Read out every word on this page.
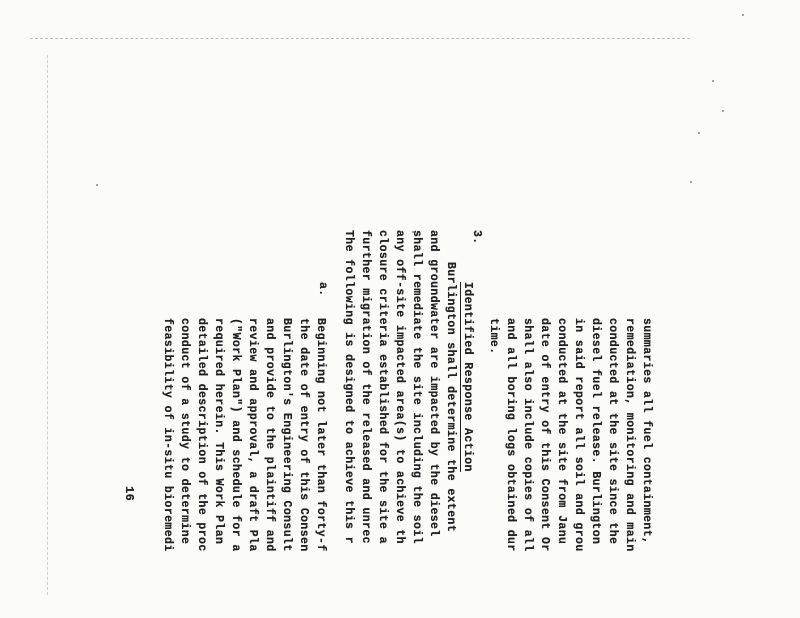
3.
summaries all fuel containment,
remediation, monitoring and main
conducted at the site since the
diesel fuel release. Burlington
in said report all soil and grou
conducted at the site from Janu
date of entry of this Consent Or
shall also include copies of all
and all boring logs obtained dur
time.
Identified Response Action
Burlington shall determine the extent
and groundwater are impacted by the diesel
shall remediate the site including the soil
any off-site impacted area(s) to achieve th
closure criteria established for the site a
further migration of the released and unrec
The following is designed to achieve this r
a.
Beginning not later than forty-f
the date of entry of this Consen
Burlington's Engineering Consult
and provide to the plaintiff and
review and approval, a draft Pla
("Work Plan") and schedule for a
required herein. This Work Plan
detailed description of the proc
conduct of a study to determine
feasibility of in-situ bioremedi
16
